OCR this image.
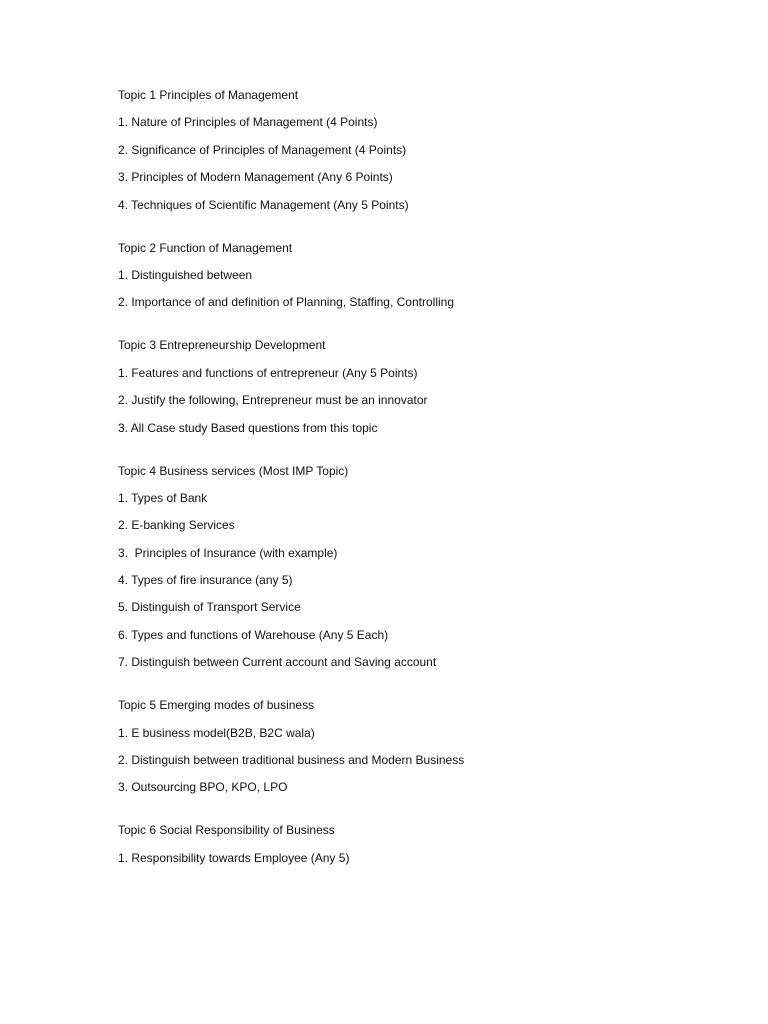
Topic 1 Principles of Management

1. Nature of Principles of Management (4 Points)

2. Significance of Principles of Management (4 Points)

3. Principles of Modern Management (Any 6 Points)

4. Techniques of Scientific Management (Any 5 Points)

Topic 2 Function of Management

1. Distinguished between

2. Importance of and definition of Planning, Staffing, Controlling

Topic 3 Entrepreneurship Development

1. Features and functions of entrepreneur (Any 5 Points)

2. Justify the following, Entrepreneur must be an innovator

3. All Case study Based questions from this topic

Topic 4 Business services (Most IMP Topic)

1. Types of Bank

2. E-banking Services

3.  Principles of Insurance (with example)

4. Types of fire insurance (any 5)

5. Distinguish of Transport Service

6. Types and functions of Warehouse (Any 5 Each)

7. Distinguish between Current account and Saving account

Topic 5 Emerging modes of business

1. E business model(B2B, B2C wala)

2. Distinguish between traditional business and Modern Business

3. Outsourcing BPO, KPO, LPO

Topic 6 Social Responsibility of Business

1. Responsibility towards Employee (Any 5)
